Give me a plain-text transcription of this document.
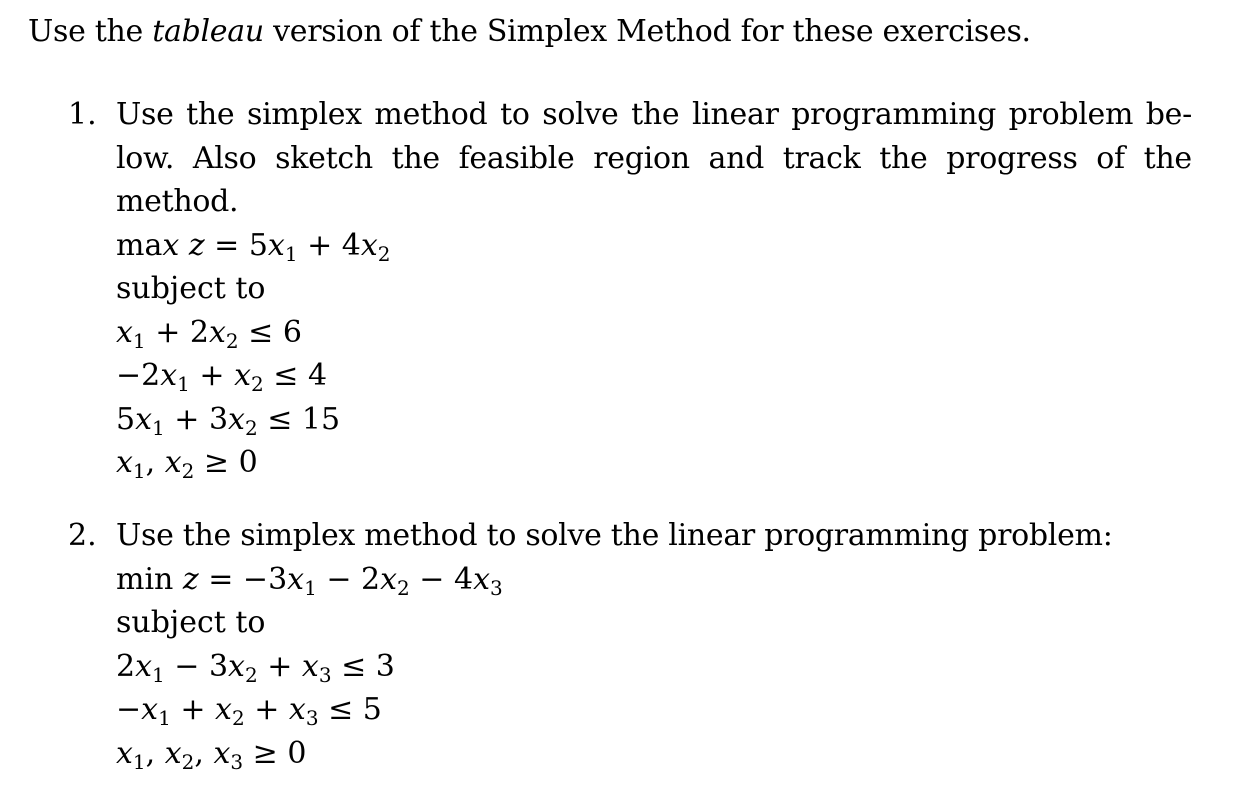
Use the tableau version of the Simplex Method for these exercises.
1. Use the simplex method to solve the linear programming problem be-
low. Also sketch the feasible region and track the progress of the
method.
$\max z = 5x_1 + 4x_2$
subject to
$x_1 + 2x_2 \le 6$
$-2x_1 + x_2 \le 4$
$5x_1 + 3x_2 \le 15$
$x_1$, $x_2 \ge 0$
2. Use the simplex method to solve the linear programming problem:
$\min z = -3x_1 - 2x_2 - 4x_3$
subject to
$2x_1 - 3x_2 + x_3 \le 3$
$-x_1 + x_2 + x_3 \le 5$
$x_1$, $x_2$, $x_3 \ge 0$
